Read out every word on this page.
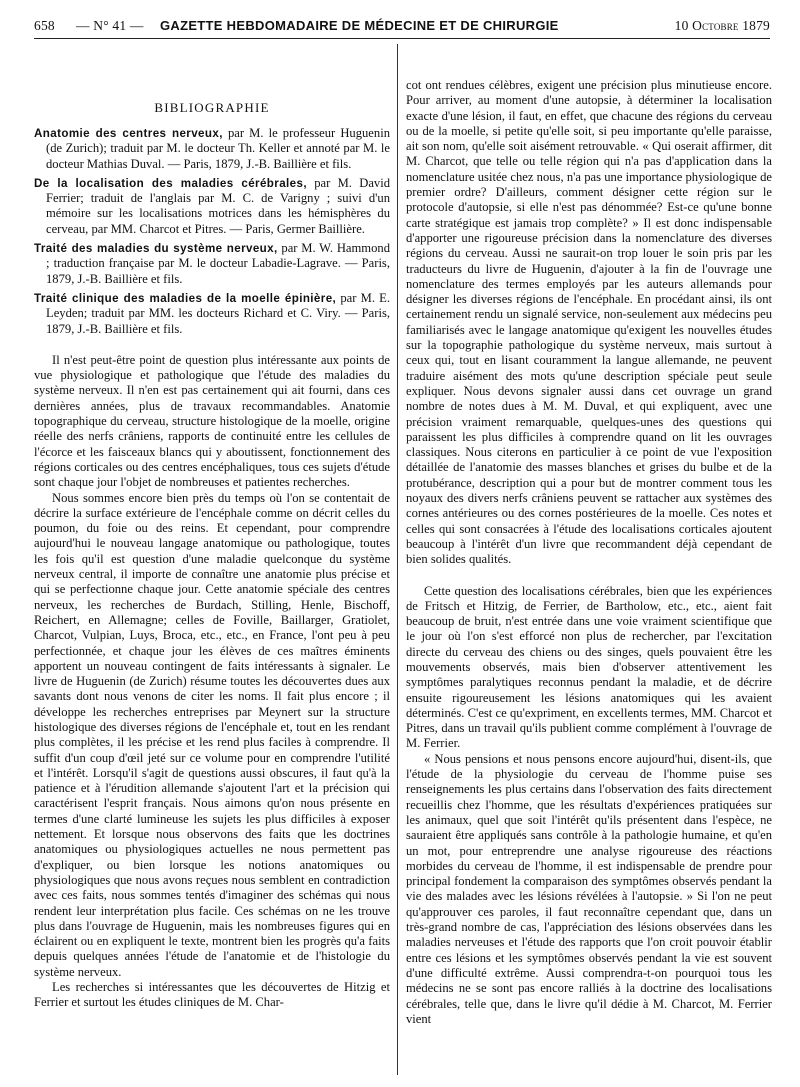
658 — N° 41 — GAZETTE HEBDOMADAIRE DE MÉDECINE ET DE CHIRURGIE	10 Octobre 1879
BIBLIOGRAPHIE

Anatomie des centres nerveux, par M. le professeur Huguenin (de Zurich); traduit par M. le docteur Th. Keller et annoté par M. le docteur Mathias Duval. — Paris, 1879, J.-B. Baillière et fils.

De la localisation des maladies cérébrales, par M. David Ferrier; traduit de l'anglais par M. C. de Varigny ; suivi d'un mémoire sur les localisations motrices dans les hémisphères du cerveau, par MM. Charcot et Pitres. — Paris, Germer Baillière.

Traité des maladies du système nerveux, par M. W. Hammond ; traduction française par M. le docteur Labadie-Lagrave. — Paris, 1879, J.-B. Baillière et fils.

Traité clinique des maladies de la moelle épinière, par M. E. Leyden; traduit par MM. les docteurs Richard et C. Viry. — Paris, 1879, J.-B. Baillière et fils.

Il n'est peut-être point de question plus intéressante aux points de vue physiologique et pathologique que l'étude des maladies du système nerveux. Il n'en est pas certainement qui ait fourni, dans ces dernières années, plus de travaux recommandables. Anatomie topographique du cerveau, structure histologique de la moelle, origine réelle des nerfs crâniens, rapports de continuité entre les cellules de l'écorce et les faisceaux blancs qui y aboutissent, fonctionnement des régions corticales ou des centres encéphaliques, tous ces sujets d'étude sont chaque jour l'objet de nombreuses et patientes recherches.

Nous sommes encore bien près du temps où l'on se contentait de décrire la surface extérieure de l'encéphale comme on décrit celles du poumon, du foie ou des reins. Et cependant, pour comprendre aujourd'hui le nouveau langage anatomique ou pathologique, toutes les fois qu'il est question d'une maladie quelconque du système nerveux central, il importe de connaître une anatomie plus précise et qui se perfectionne chaque jour. Cette anatomie spéciale des centres nerveux, les recherches de Burdach, Stilling, Henle, Bischoff, Reichert, en Allemagne; celles de Foville, Baillarger, Gratiolet, Charcot, Vulpian, Luys, Broca, etc., etc., en France, l'ont peu à peu perfectionnée, et chaque jour les élèves de ces maîtres éminents apportent un nouveau contingent de faits intéressants à signaler. Le livre de Huguenin (de Zurich) résume toutes les découvertes dues aux savants dont nous venons de citer les noms. Il fait plus encore ; il développe les recherches entreprises par Meynert sur la structure histologique des diverses régions de l'encéphale et, tout en les rendant plus complètes, il les précise et les rend plus faciles à comprendre. Il suffit d'un coup d'œil jeté sur ce volume pour en comprendre l'utilité et l'intérêt. Lorsqu'il s'agit de questions aussi obscures, il faut qu'à la patience et à l'érudition allemande s'ajoutent l'art et la précision qui caractérisent l'esprit français. Nous aimons qu'on nous présente en termes d'une clarté lumineuse les sujets les plus difficiles à exposer nettement. Et lorsque nous observons des faits que les doctrines anatomiques ou physiologiques actuelles ne nous permettent pas d'expliquer, ou bien lorsque les notions anatomiques ou physiologiques que nous avons reçues nous semblent en contradiction avec ces faits, nous sommes tentés d'imaginer des schémas qui nous rendent leur interprétation plus facile. Ces schémas on ne les trouve plus dans l'ouvrage de Huguenin, mais les nombreuses figures qui en éclairent ou en expliquent le texte, montrent bien les progrès qu'a faits depuis quelques années l'étude de l'anatomie et de l'histologie du système nerveux.

Les recherches si intéressantes que les découvertes de Hitzig et Ferrier et surtout les études cliniques de M. Char-

cot ont rendues célèbres, exigent une précision plus minutieuse encore. Pour arriver, au moment d'une autopsie, à déterminer la localisation exacte d'une lésion, il faut, en effet, que chacune des régions du cerveau ou de la moelle, si petite qu'elle soit, si peu importante qu'elle paraisse, ait son nom, qu'elle soit aisément retrouvable. « Qui oserait affirmer, dit M. Charcot, que telle ou telle région qui n'a pas d'application dans la nomenclature usitée chez nous, n'a pas une importance physiologique de premier ordre? D'ailleurs, comment désigner cette région sur le protocole d'autopsie, si elle n'est pas dénommée? Est-ce qu'une bonne carte stratégique est jamais trop complète? » Il est donc indispensable d'apporter une rigoureuse précision dans la nomenclature des diverses régions du cerveau. Aussi ne saurait-on trop louer le soin pris par les traducteurs du livre de Huguenin, d'ajouter à la fin de l'ouvrage une nomenclature des termes employés par les auteurs allemands pour désigner les diverses régions de l'encéphale. En procédant ainsi, ils ont certainement rendu un signalé service, non-seulement aux médecins peu familiarisés avec le langage anatomique qu'exigent les nouvelles études sur la topographie pathologique du système nerveux, mais surtout à ceux qui, tout en lisant couramment la langue allemande, ne peuvent traduire aisément des mots qu'une description spéciale peut seule expliquer. Nous devons signaler aussi dans cet ouvrage un grand nombre de notes dues à M. M. Duval, et qui expliquent, avec une précision vraiment remarquable, quelques-unes des questions qui paraissent les plus difficiles à comprendre quand on lit les ouvrages classiques. Nous citerons en particulier à ce point de vue l'exposition détaillée de l'anatomie des masses blanches et grises du bulbe et de la protubérance, description qui a pour but de montrer comment tous les noyaux des divers nerfs crâniens peuvent se rattacher aux systèmes des cornes antérieures ou des cornes postérieures de la moelle. Ces notes et celles qui sont consacrées à l'étude des localisations corticales ajoutent beaucoup à l'intérêt d'un livre que recommandent déjà cependant de bien solides qualités.

Cette question des localisations cérébrales, bien que les expériences de Fritsch et Hitzig, de Ferrier, de Bartholow, etc., etc., aient fait beaucoup de bruit, n'est entrée dans une voie vraiment scientifique que le jour où l'on s'est efforcé non plus de rechercher, par l'excitation directe du cerveau des chiens ou des singes, quels pouvaient être les mouvements observés, mais bien d'observer attentivement les symptômes paralytiques reconnus pendant la maladie, et de décrire ensuite rigoureusement les lésions anatomiques qui les avaient déterminés. C'est ce qu'expriment, en excellents termes, MM. Charcot et Pitres, dans un travail qu'ils publient comme complément à l'ouvrage de M. Ferrier.

« Nous pensions et nous pensons encore aujourd'hui, disent-ils, que l'étude de la physiologie du cerveau de l'homme puise ses renseignements les plus certains dans l'observation des faits directement recueillis chez l'homme, que les résultats d'expériences pratiquées sur les animaux, quel que soit l'intérêt qu'ils présentent dans l'espèce, ne sauraient être appliqués sans contrôle à la pathologie humaine, et qu'en un mot, pour entreprendre une analyse rigoureuse des réactions morbides du cerveau de l'homme, il est indispensable de prendre pour principal fondement la comparaison des symptômes observés pendant la vie des malades avec les lésions révélées à l'autopsie. » Si l'on ne peut qu'approuver ces paroles, il faut reconnaître cependant que, dans un très-grand nombre de cas, l'appréciation des lésions observées dans les maladies nerveuses et l'étude des rapports que l'on croit pouvoir établir entre ces lésions et les symptômes observés pendant la vie est souvent d'une difficulté extrême. Aussi comprendra-t-on pourquoi tous les médecins ne se sont pas encore ralliés à la doctrine des localisations cérébrales, telle que, dans le livre qu'il dédie à M. Charcot, M. Ferrier vient
